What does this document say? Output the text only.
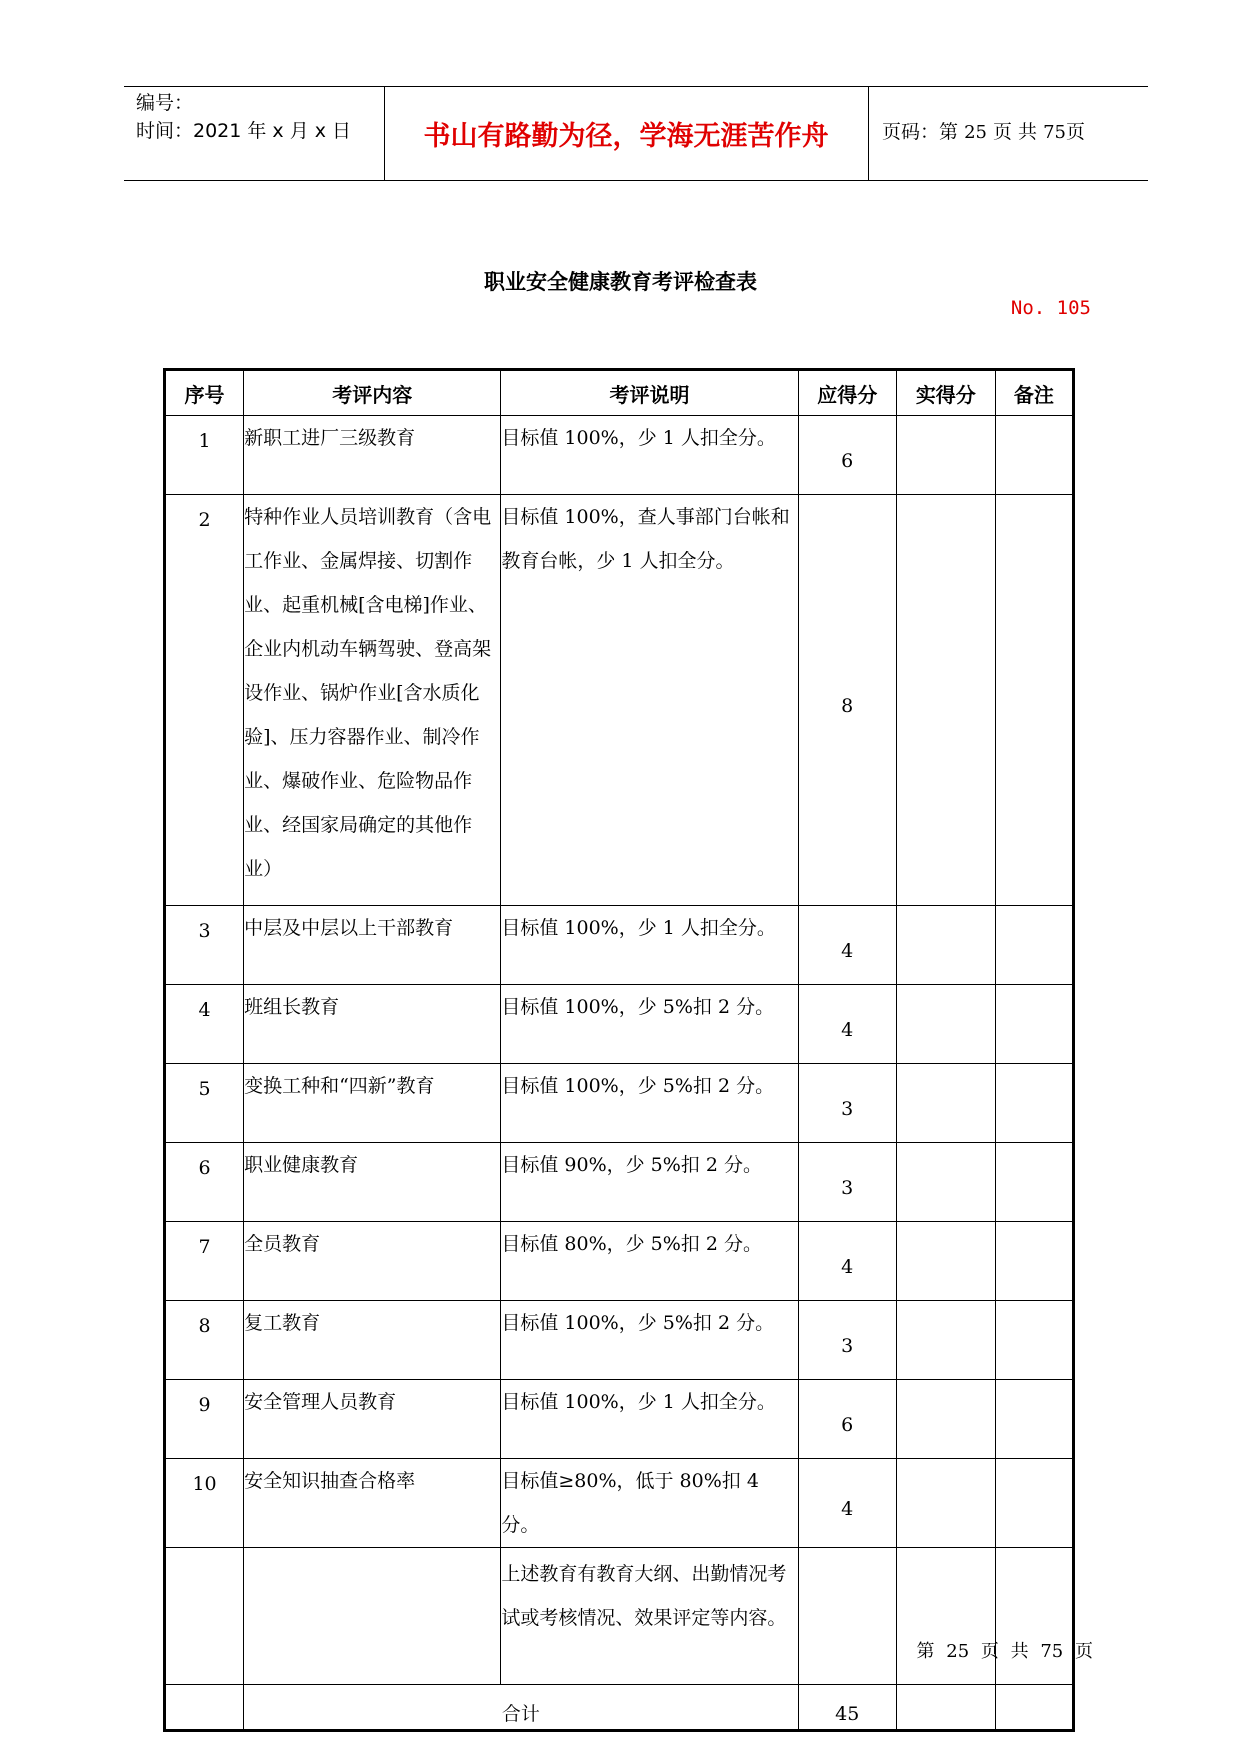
编号：
时间：2021 年 x 月 x 日	书山有路勤为径，学海无涯苦作舟	页码：第 25 页 共 75页
职业安全健康教育考评检查表
No. 105
序号	考评内容	考评说明	应得分	实得分	备注
1	新职工进厂三级教育	目标值 100%，少 1 人扣全分。	6		
2	特种作业人员培训教育（含电工作业、金属焊接、切割作业、起重机械[含电梯]作业、企业内机动车辆驾驶、登高架设作业、锅炉作业[含水质化验]、压力容器作业、制冷作业、爆破作业、危险物品作业、经国家局确定的其他作业）	目标值 100%，查人事部门台帐和教育台帐，少 1 人扣全分。	8		
3	中层及中层以上干部教育	目标值 100%，少 1 人扣全分。	4		
4	班组长教育	目标值 100%，少 5%扣 2 分。	4		
5	变换工种和“四新”教育	目标值 100%，少 5%扣 2 分。	3		
6	职业健康教育	目标值 90%，少 5%扣 2 分。	3		
7	全员教育	目标值 80%，少 5%扣 2 分。	4		
8	复工教育	目标值 100%，少 5%扣 2 分。	3		
9	安全管理人员教育	目标值 100%，少 1 人扣全分。	6		
10	安全知识抽查合格率	目标值≥80%，低于 80%扣 4 分。	4		
		上述教育有教育大纲、出勤情况考试或考核情况、效果评定等内容。			
	合计		45		
第 25 页 共 75 页
